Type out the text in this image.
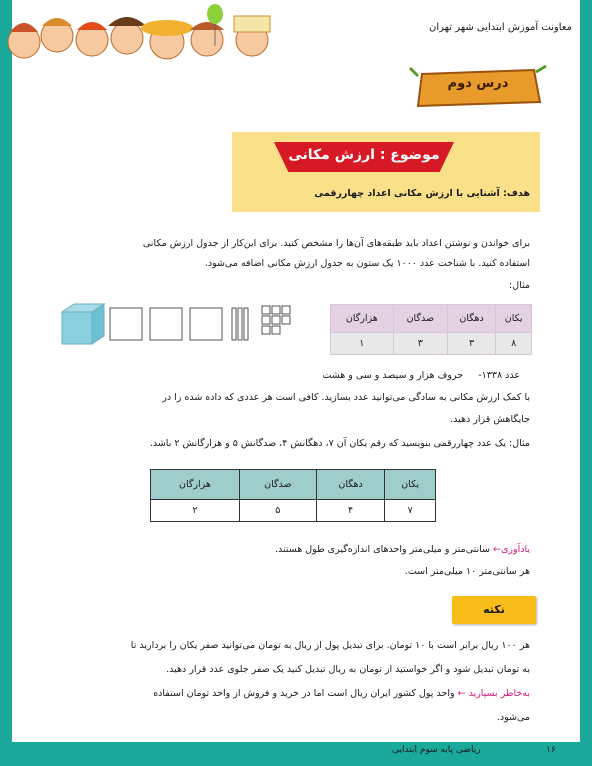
معاونت آموزش ابتدایی شهر تهران
درس دوم
موضوع : ارزش مکانی
هدف: آشنایی با ارزش مکانی اعداد چهاررقمی
برای خواندن و نوشتن اعداد باید طبقه‌های آن‌ها را مشخص کنید. برای این‌کار از جدول ارزش مکانی
استفاده کنید. با شناخت عدد ۱۰۰۰ یک ستون به جدول ارزش مکانی اضافه می‌شود.
مثال:
یکان	دهگان	صدگان	هزارگان
۸	۳	۳	۱
عدد ۱۳۳۸-     حروف هزار و سیصد و سی و هشت
با کمک ارزش مکانی به سادگی می‌توانید عدد بسازید. کافی است هر عددی که داده شده را در
جایگاهش قرار دهید.
مثال: یک عدد چهاررقمی بنویسید که رقم یکان آن ۷، دهگانش ۴، صدگانش ۵ و هزارگانش ۲ باشد.
یکان	دهگان	صدگان	هزارگان
۷	۴	۵	۲
یادآوری← سانتی‌متر و میلی‌متر واحدهای اندازه‌گیری طول هستند.
هر سانتی‌متر ۱۰ میلی‌متر است.
نکته
هر ۱۰۰ ریال برابر است با ۱۰ تومان. برای تبدیل پول از ریال به تومان می‌توانید صفر یکان را بردارید تا
به تومان تبدیل شود و اگر خواستید از تومان به ریال تبدیل کنید یک صفر جلوی عدد قرار دهید.
به‌خاطر بسپارید ← واحد پول کشور ایران ریال است اما در خرید و فروش از واحد تومان استفاده
می‌شود.
۱۶
ریاضی پایه سوم ابتدایی
